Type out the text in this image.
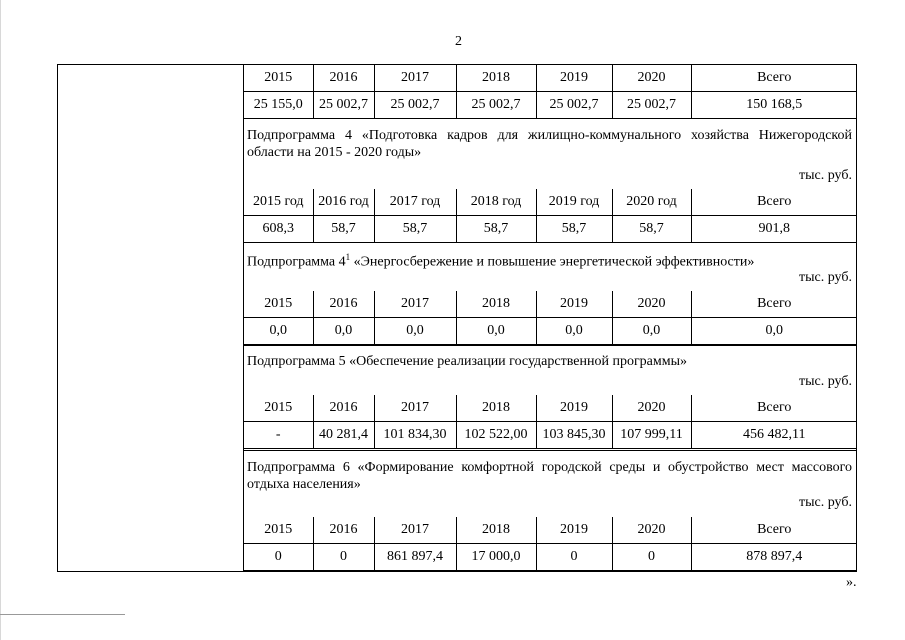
2
2015	2016	2017	2018	2019	2020	Всего
25 155,0	25 002,7	25 002,7	25 002,7	25 002,7	25 002,7	150 168,5
Подпрограмма 4 «Подготовка кадров для жилищно-коммунального хозяйства Нижегородской области на 2015 - 2020 годы»
тыс. руб.
2015 год	2016 год	2017 год	2018 год	2019 год	2020 год	Всего
608,3	58,7	58,7	58,7	58,7	58,7	901,8
Подпрограмма $4^1$ «Энергосбережение и повышение энергетической эффективности»
тыс. руб.
2015	2016	2017	2018	2019	2020	Всего
0,0	0,0	0,0	0,0	0,0	0,0	0,0
Подпрограмма 5 «Обеспечение реализации государственной программы»
тыс. руб.
2015	2016	2017	2018	2019	2020	Всего
-	40 281,4	101 834,30	102 522,00	103 845,30	107 999,11	456 482,11
Подпрограмма 6 «Формирование комфортной городской среды и обустройство мест массового отдыха населения»
тыс. руб.
2015	2016	2017	2018	2019	2020	Всего
0	0	861 897,4	17 000,0	0	0	878 897,4
».
